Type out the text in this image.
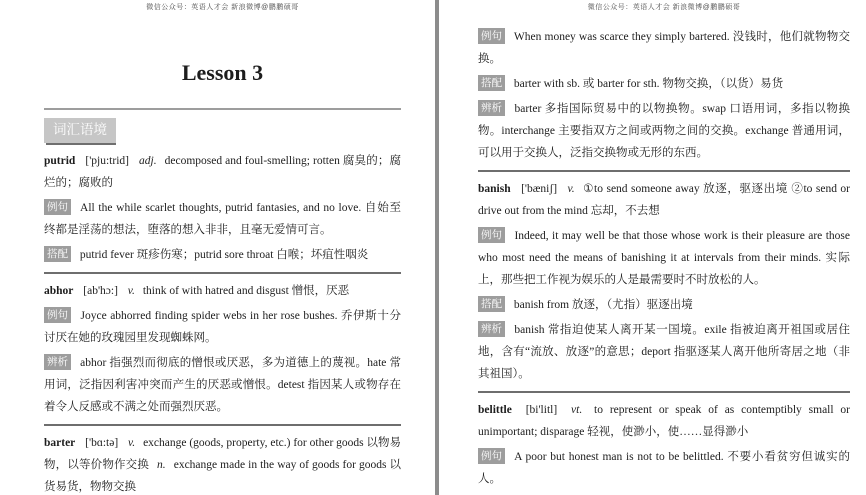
微信公众号：英语人才会 新浪微博@鹏鹏硕哥
Lesson 3
词汇语境

putrid ['pju:trid] adj. decomposed and foul-smelling; rotten 腐臭的；腐烂的；腐败的

例句 All the while scarlet thoughts, putrid fantasies, and no love. 自始至终都是淫荡的想法，堕落的想入非非，且毫无爱情可言。

搭配 putrid fever 斑疹伤寒；putrid sore throat 白喉；坏疽性咽炎

abhor [ab'hɔ:] v. think of with hatred and disgust 憎恨，厌恶

例句 Joyce abhorred finding spider webs in her rose bushes. 乔伊斯十分讨厌在她的玫瑰园里发现蜘蛛网。

辨析 abhor 指强烈而彻底的憎恨或厌恶，多为道德上的蔑视。hate 常用词，泛指因利害冲突而产生的厌恶或憎恨。detest 指因某人或物存在着令人反感或不满之处而强烈厌恶。

barter ['bɑ:tə] v. exchange (goods, property, etc.) for other goods 以物易物，以等价物作交换 n. exchange made in the way of goods for goods 以货易货，物物交换

微信公众号：英语人才会 新浪微博@鹏鹏硕哥

例句 When money was scarce they simply bartered. 没钱时，他们就物物交换。

搭配 barter with sb. 或 barter for sth. 物物交换，（以货）易货

辨析 barter 多指国际贸易中的以物换物。swap 口语用词，多指以物换物。interchange 主要指双方之间或两物之间的交换。exchange 普通用词，可以用于交换人，泛指交换物或无形的东西。

banish ['bæniʃ] v. ①to send someone away 放逐，驱逐出境 ②to send or drive out from the mind 忘却，不去想

例句 Indeed, it may well be that those whose work is their pleasure are those who most need the means of banishing it at intervals from their minds. 实际上，那些把工作视为娱乐的人是最需要时不时放松的人。

搭配 banish from 放逐，（尤指）驱逐出境

辨析 banish 常指迫使某人离开某一国境。exile 指被迫离开祖国或居住地，含有“流放、放逐”的意思；deport 指驱逐某人离开他所寄居之地（非其祖国）。

belittle [bi'litl] vt. to represent or speak of as contemptibly small or unimportant; disparage 轻视，使渺小，使……显得渺小

例句 A poor but honest man is not to be belittled. 不要小看贫穷但诚实的人。
